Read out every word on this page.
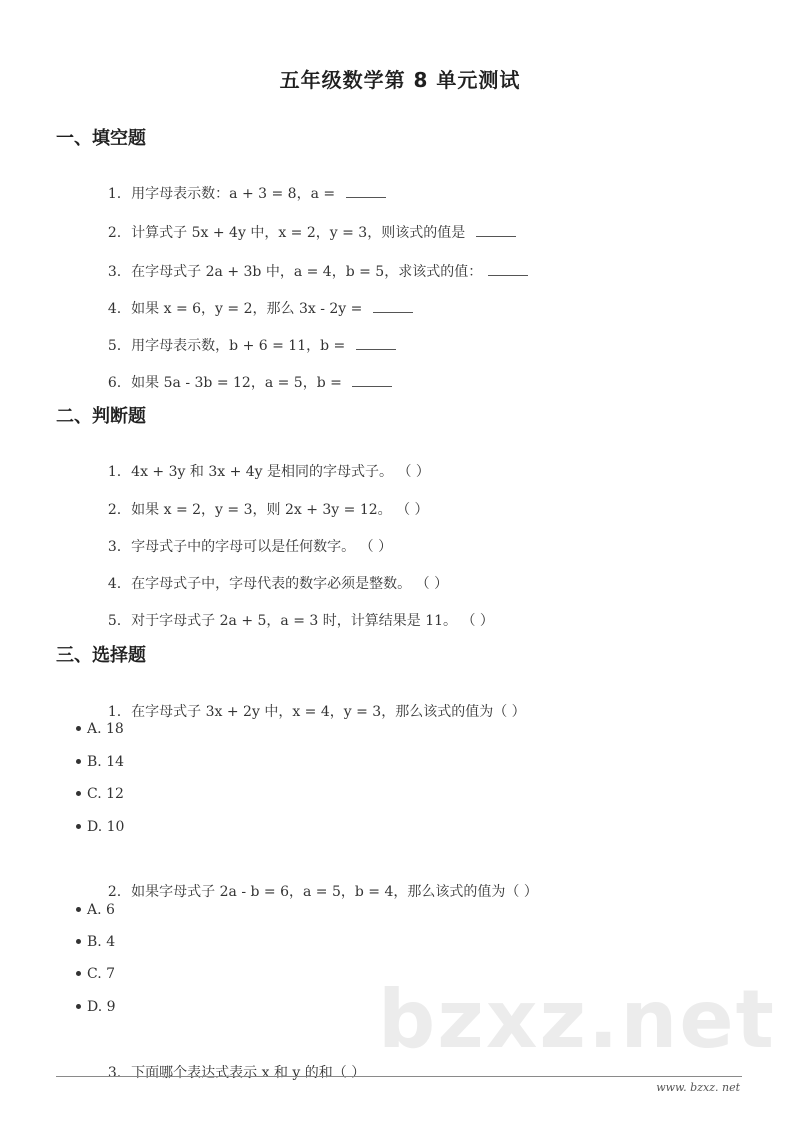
bzxz.net
五年级数学第 8 单元测试
一、填空题

1. 用字母表示数：a + 3 = 8，a =

2. 计算式子 5x + 4y 中，x = 2，y = 3，则该式的值是

3. 在字母式子 2a + 3b 中，a = 4，b = 5，求该式的值：

4. 如果 x = 6，y = 2，那么 3x - 2y =

5. 用字母表示数，b + 6 = 11，b =

6. 如果 5a - 3b = 12，a = 5，b =

二、判断题

1. 4x + 3y 和 3x + 4y 是相同的字母式子。 （ ）

2. 如果 x = 2，y = 3，则 2x + 3y = 12。 （ ）

3. 字母式子中的字母可以是任何数字。 （ ）

4. 在字母式子中，字母代表的数字必须是整数。 （ ）

5. 对于字母式子 2a + 5，a = 3 时，计算结果是 11。 （ ）

三、选择题

1. 在字母式子 3x + 2y 中，x = 4，y = 3，那么该式的值为（ ）

A. 18
B. 14
C. 12
D. 10

2. 如果字母式子 2a - b = 6，a = 5，b = 4，那么该式的值为（ ）

A. 6
B. 4
C. 7
D. 9

3. 下面哪个表达式表示 x 和 y 的和（ ）

www. bzxz. net
